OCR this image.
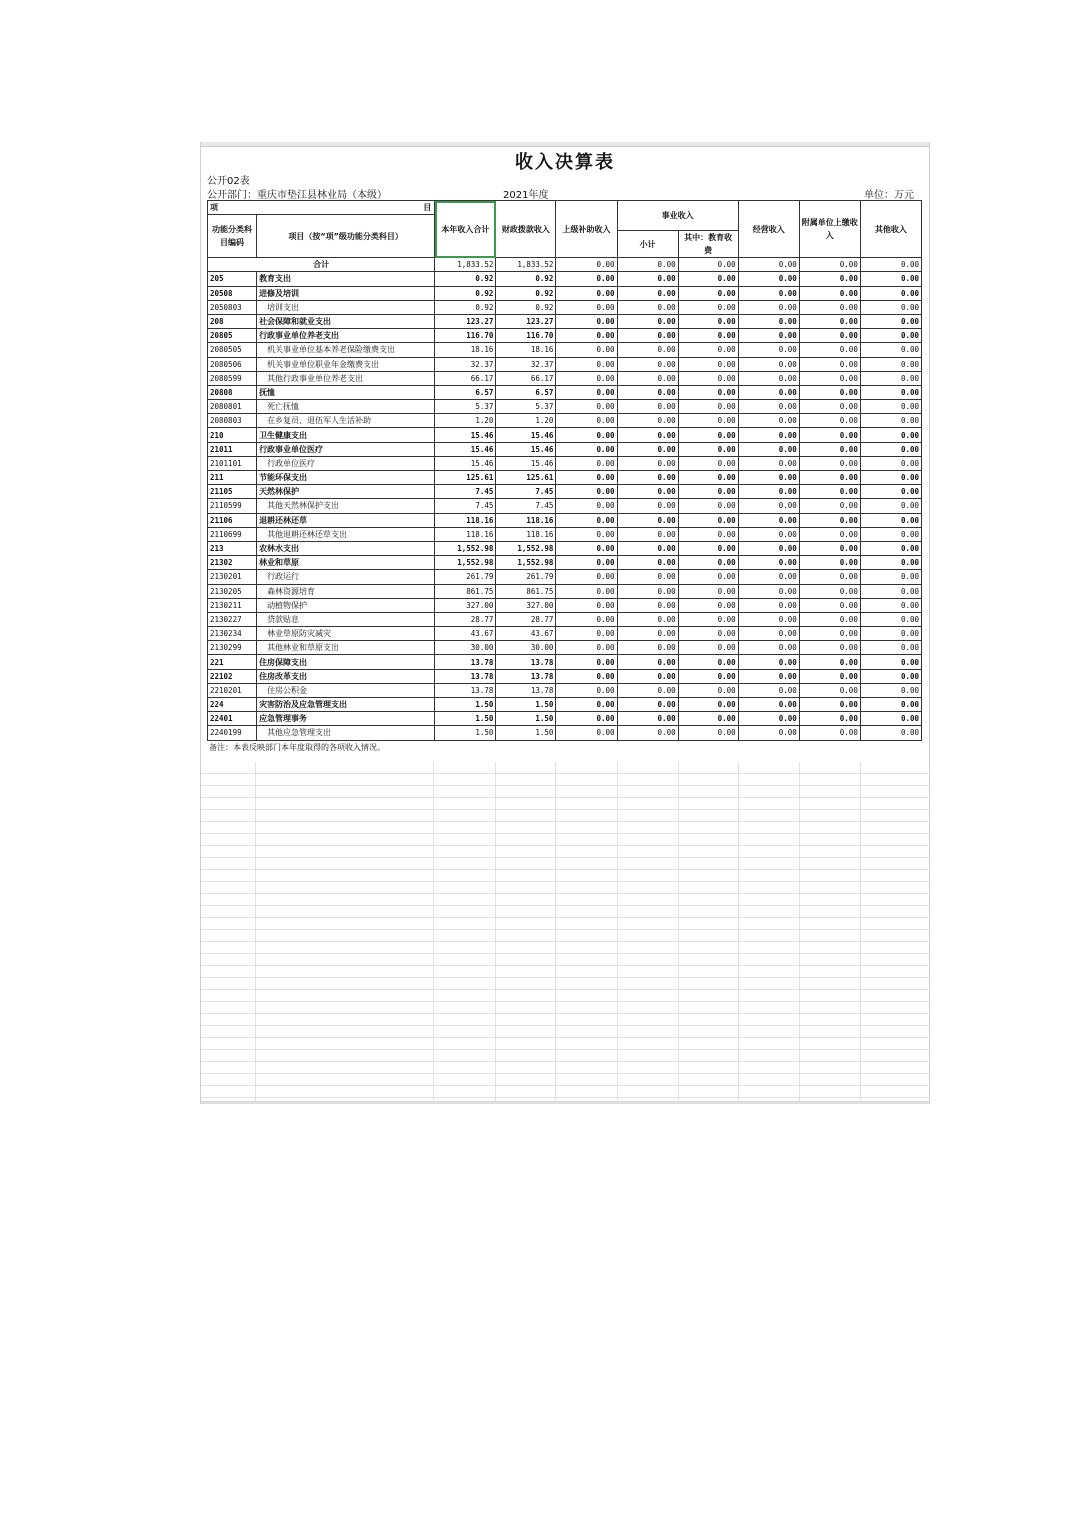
收入决算表
公开02表
公开部门：重庆市垫江县林业局（本级）	2021年度	单位：万元
项 目		本年收入合计	财政拨款收入	上级补助收入	事业收入		经营收入	附属单位上缴收入	其他收入
功能分类科目编码	项目（按“项”级功能分类科目）								
					小计	其中：教育收费			
合计		1,833.52	1,833.52	0.00	0.00	0.00	0.00	0.00	0.00
205	教育支出	0.92	0.92	0.00	0.00	0.00	0.00	0.00	0.00
20508	进修及培训	0.92	0.92	0.00	0.00	0.00	0.00	0.00	0.00
2050803	培训支出	0.92	0.92	0.00	0.00	0.00	0.00	0.00	0.00
208	社会保障和就业支出	123.27	123.27	0.00	0.00	0.00	0.00	0.00	0.00
20805	行政事业单位养老支出	116.70	116.70	0.00	0.00	0.00	0.00	0.00	0.00
2080505	机关事业单位基本养老保险缴费支出	18.16	18.16	0.00	0.00	0.00	0.00	0.00	0.00
2080506	机关事业单位职业年金缴费支出	32.37	32.37	0.00	0.00	0.00	0.00	0.00	0.00
2080599	其他行政事业单位养老支出	66.17	66.17	0.00	0.00	0.00	0.00	0.00	0.00
20808	抚恤	6.57	6.57	0.00	0.00	0.00	0.00	0.00	0.00
2080801	死亡抚恤	5.37	5.37	0.00	0.00	0.00	0.00	0.00	0.00
2080803	在乡复员、退伍军人生活补助	1.20	1.20	0.00	0.00	0.00	0.00	0.00	0.00
210	卫生健康支出	15.46	15.46	0.00	0.00	0.00	0.00	0.00	0.00
21011	行政事业单位医疗	15.46	15.46	0.00	0.00	0.00	0.00	0.00	0.00
2101101	行政单位医疗	15.46	15.46	0.00	0.00	0.00	0.00	0.00	0.00
211	节能环保支出	125.61	125.61	0.00	0.00	0.00	0.00	0.00	0.00
21105	天然林保护	7.45	7.45	0.00	0.00	0.00	0.00	0.00	0.00
2110599	其他天然林保护支出	7.45	7.45	0.00	0.00	0.00	0.00	0.00	0.00
21106	退耕还林还草	118.16	118.16	0.00	0.00	0.00	0.00	0.00	0.00
2110699	其他退耕还林还草支出	118.16	118.16	0.00	0.00	0.00	0.00	0.00	0.00
213	农林水支出	1,552.98	1,552.98	0.00	0.00	0.00	0.00	0.00	0.00
21302	林业和草原	1,552.98	1,552.98	0.00	0.00	0.00	0.00	0.00	0.00
2130201	行政运行	261.79	261.79	0.00	0.00	0.00	0.00	0.00	0.00
2130205	森林资源培育	861.75	861.75	0.00	0.00	0.00	0.00	0.00	0.00
2130211	动植物保护	327.00	327.00	0.00	0.00	0.00	0.00	0.00	0.00
2130227	贷款贴息	28.77	28.77	0.00	0.00	0.00	0.00	0.00	0.00
2130234	林业草原防灾减灾	43.67	43.67	0.00	0.00	0.00	0.00	0.00	0.00
2130299	其他林业和草原支出	30.00	30.00	0.00	0.00	0.00	0.00	0.00	0.00
221	住房保障支出	13.78	13.78	0.00	0.00	0.00	0.00	0.00	0.00
22102	住房改革支出	13.78	13.78	0.00	0.00	0.00	0.00	0.00	0.00
2210201	住房公积金	13.78	13.78	0.00	0.00	0.00	0.00	0.00	0.00
224	灾害防治及应急管理支出	1.50	1.50	0.00	0.00	0.00	0.00	0.00	0.00
22401	应急管理事务	1.50	1.50	0.00	0.00	0.00	0.00	0.00	0.00
2240199	其他应急管理支出	1.50	1.50	0.00	0.00	0.00	0.00	0.00	0.00
备注：本表反映部门本年度取得的各项收入情况。
